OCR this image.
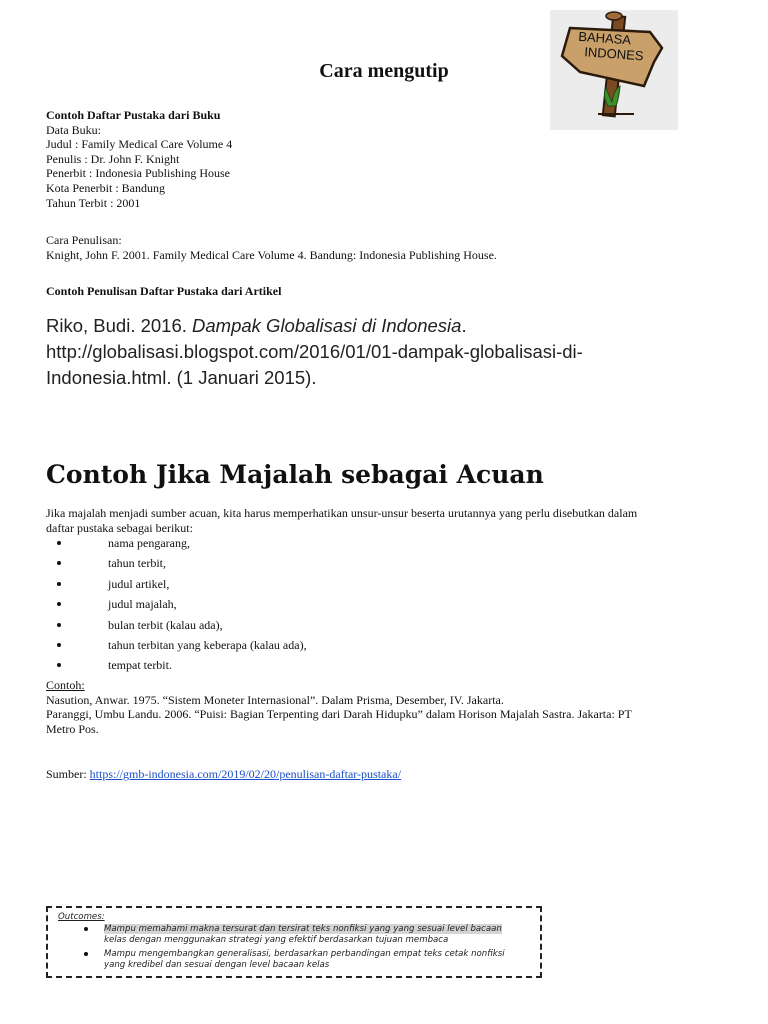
BAHASA
INDONES
Cara mengutip
Contoh Daftar Pustaka dari Buku
Data Buku:
Judul : Family Medical Care Volume 4
Penulis : Dr. John F. Knight
Penerbit : Indonesia Publishing House
Kota Penerbit : Bandung
Tahun Terbit : 2001
Cara Penulisan:
Knight, John F. 2001. Family Medical Care Volume 4. Bandung: Indonesia Publishing House.
Contoh Penulisan Daftar Pustaka dari Artikel
Riko, Budi. 2016. Dampak Globalisasi di Indonesia.
http://globalisasi.blogspot.com/2016/01/01-dampak-globalisasi-di-
Indonesia.html. (1 Januari 2015).
Contoh Jika Majalah sebagai Acuan
Jika majalah menjadi sumber acuan, kita harus memperhatikan unsur-unsur beserta urutannya yang perlu disebutkan dalam
daftar pustaka sebagai berikut:
nama pengarang,
tahun terbit,
judul artikel,
judul majalah,
bulan terbit (kalau ada),
tahun terbitan yang keberapa (kalau ada),
tempat terbit.
Contoh:
Nasution, Anwar. 1975. “Sistem Moneter Internasional”. Dalam Prisma, Desember, IV. Jakarta.
Paranggi, Umbu Landu. 2006. “Puisi: Bagian Terpenting dari Darah Hidupku” dalam Horison Majalah Sastra. Jakarta: PT
Metro Pos.
Sumber: https://gmb-indonesia.com/2019/02/20/penulisan-daftar-pustaka/
Outcomes:
Mampu memahami makna tersurat dan tersirat teks nonfiksi yang yang sesuai level bacaan
kelas dengan menggunakan strategi yang efektif berdasarkan tujuan membaca
Mampu mengembangkan generalisasi, berdasarkan perbandingan empat teks cetak nonfiksi
yang kredibel dan sesuai dengan level bacaan kelas
